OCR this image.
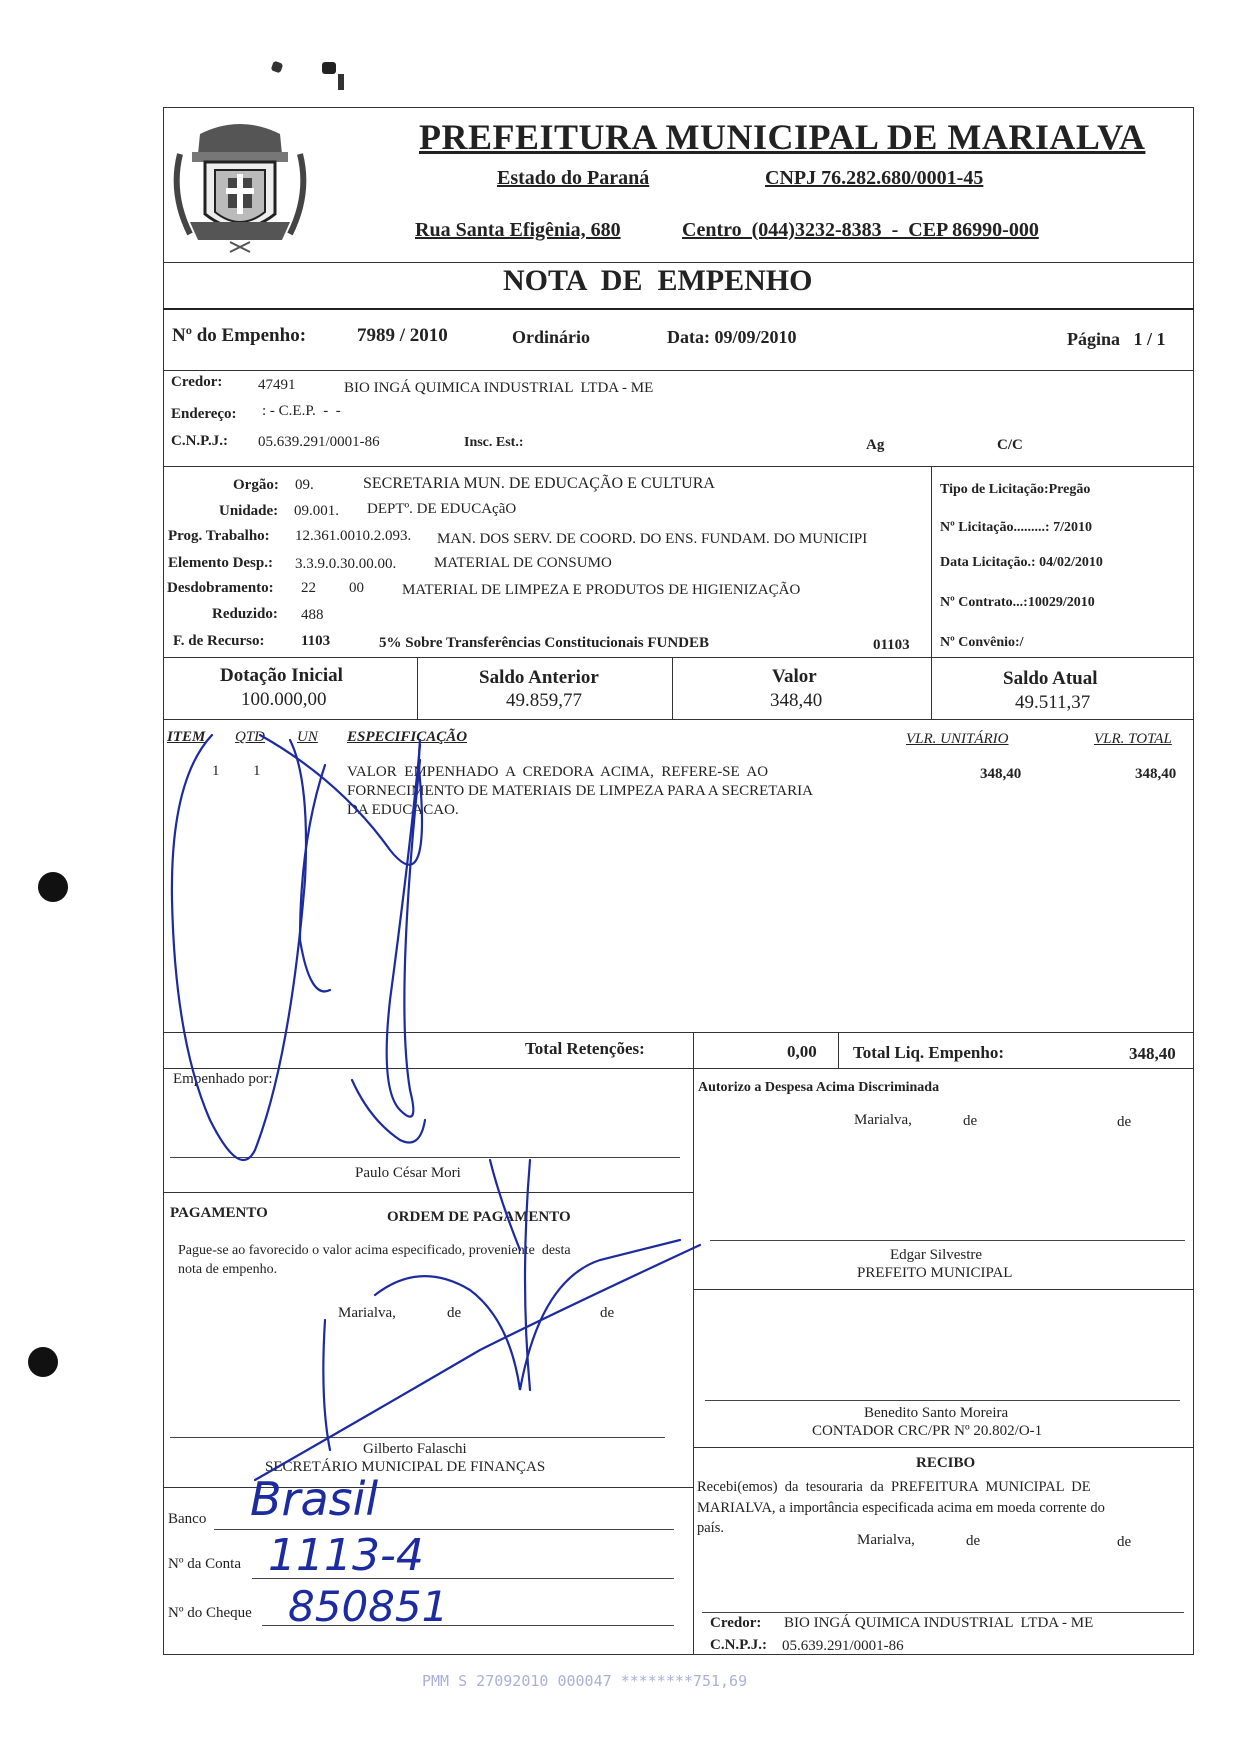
PREFEITURA MUNICIPAL DE MARIALVA
Estado do Paraná	CNPJ 76.282.680/0001-45
Rua Santa Efigênia, 680	Centro  (044)3232-8383  -  CEP 86990-000
NOTA  DE  EMPENHO
Nº do Empenho:	7989 / 2010	Ordinário	Data: 09/09/2010	Página   1 / 1
Credor: 47491	BIO INGÁ QUIMICA INDUSTRIAL  LTDA - ME
Endereço: : - C.E.P.  -  -
C.N.P.J.: 05.639.291/0001-86	Insc. Est.:	Ag	C/C
Orgão: 09.	SECRETARIA MUN. DE EDUCAÇÃO E CULTURA
Unidade: 09.001. DEPTº. DE EDUCAçãO
Prog. Trabalho: 12.361.0010.2.093. MAN. DOS SERV. DE COORD. DO ENS. FUNDAM. DO MUNICIPI
Elemento Desp.: 3.3.9.0.30.00.00.	MATERIAL DE CONSUMO
Desdobramento: 22 00	MATERIAL DE LIMPEZA E PRODUTOS DE HIGIENIZAÇÃO
Reduzido: 488
F. de Recurso: 1103	5% Sobre Transferências Constitucionais FUNDEB	01103
Tipo de Licitação:Pregão
Nº Licitação.........: 7/2010
Data Licitação.: 04/02/2010
Nº Contrato...:10029/2010
Nº Convênio:/
Dotação Inicial
100.000,00
Saldo Anterior
49.859,77
Valor
348,40
Saldo Atual
49.511,37
ITEM QTD UN ESPECIFICAÇÃO	VLR. UNITÁRIO	VLR. TOTAL
1 1	VALOR  EMPENHADO  A  CREDORA  ACIMA,  REFERE-SE  AO
FORNECIMENTO DE MATERIAIS DE LIMPEZA PARA A SECRETARIA
DA EDUCACAO.
348,40	348,40
Total Retenções:	0,00 Total Liq. Empenho:	348,40
Empenhado por:
Paulo César Mori
Autorizo a Despesa Acima Discriminada
Marialva,	de	de
Edgar Silvestre
PREFEITO MUNICIPAL
PAGAMENTO	ORDEM DE PAGAMENTO
Pague-se ao favorecido o valor acima especificado, proveniente  desta
nota de empenho.
Marialva,	de	de
Gilberto Falaschi
SECRETÁRIO MUNICIPAL DE FINANÇAS
Banco Brasil
Nº da Conta 1113-4
Nº do Cheque 850851
Benedito Santo Moreira
CONTADOR CRC/PR Nº 20.802/O-1
RECIBO
Recebi(emos)  da  tesouraria  da  PREFEITURA  MUNICIPAL  DE
MARIALVA, a importância especificada acima em moeda corrente do
país.
Marialva,	de	de
Credor: BIO INGÁ QUIMICA INDUSTRIAL  LTDA - ME
C.N.P.J.: 05.639.291/0001-86
PMM S 27092010 000047 ********751,69
